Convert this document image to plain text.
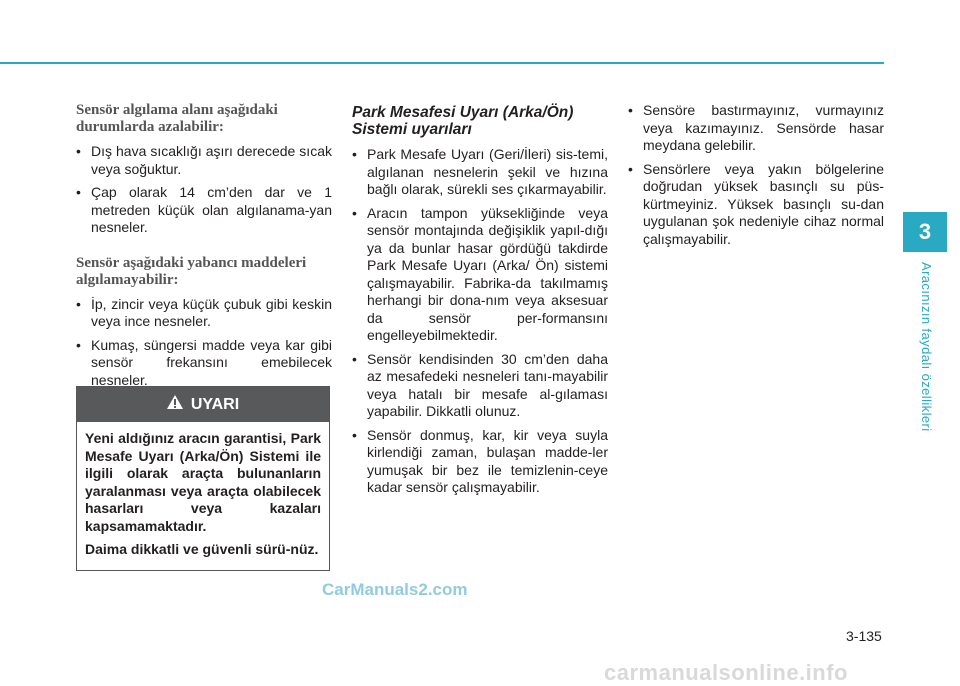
Sensör algılama alanı aşağıdaki durumlarda azalabilir:
• Dış hava sıcaklığı aşırı derecede sıcak veya soğuktur.
• Çap olarak 14 cm’den dar ve 1 metreden küçük olan algılanama-yan nesneler.
Sensör aşağıdaki yabancı maddeleri algılamayabilir:
• İp, zincir veya küçük çubuk gibi keskin veya ince nesneler.
• Kumaş, süngersi madde veya kar gibi sensör frekansını emebilecek nesneler.
UYARI

Yeni aldığınız aracın garantisi, Park Mesafe Uyarı (Arka/Ön) Sistemi ile ilgili olarak araçta bulunanların yaralanması veya araçta olabilecek hasarları veya kazaları kapsamamaktadır.

Daima dikkatli ve güvenli sürü-nüz.

Park Mesafesi Uyarı (Arka/Ön) Sistemi uyarıları
• Park Mesafe Uyarı (Geri/İleri) sis-temi, algılanan nesnelerin şekil ve hızına bağlı olarak, sürekli ses çıkarmayabilir.
• Aracın tampon yüksekliğinde veya sensör montajında değişiklik yapıl-dığı ya da bunlar hasar gördüğü takdirde Park Mesafe Uyarı (Arka/ Ön) sistemi çalışmayabilir. Fabrika-da takılmamış herhangi bir dona-nım veya aksesuar da sensör per-formansını engelleyebilmektedir.
• Sensör kendisinden 30 cm’den daha az mesafedeki nesneleri tanı-mayabilir veya hatalı bir mesafe al-gılaması yapabilir. Dikkatli olunuz.
• Sensör donmuş, kar, kir veya suyla kirlendiği zaman, bulaşan madde-ler yumuşak bir bez ile temizlenin-ceye kadar sensör çalışmayabilir.
• Sensöre bastırmayınız, vurmayınız veya kazımayınız. Sensörde hasar meydana gelebilir.
• Sensörlere veya yakın bölgelerine doğrudan yüksek basınçlı su püs-kürtmeyiniz. Yüksek basınçlı su-dan uygulanan şok nedeniyle cihaz normal çalışmayabilir.	3
Aracınızın faydalı özellikleri
3-135
CarManuals2.com
carmanualsonline.info
